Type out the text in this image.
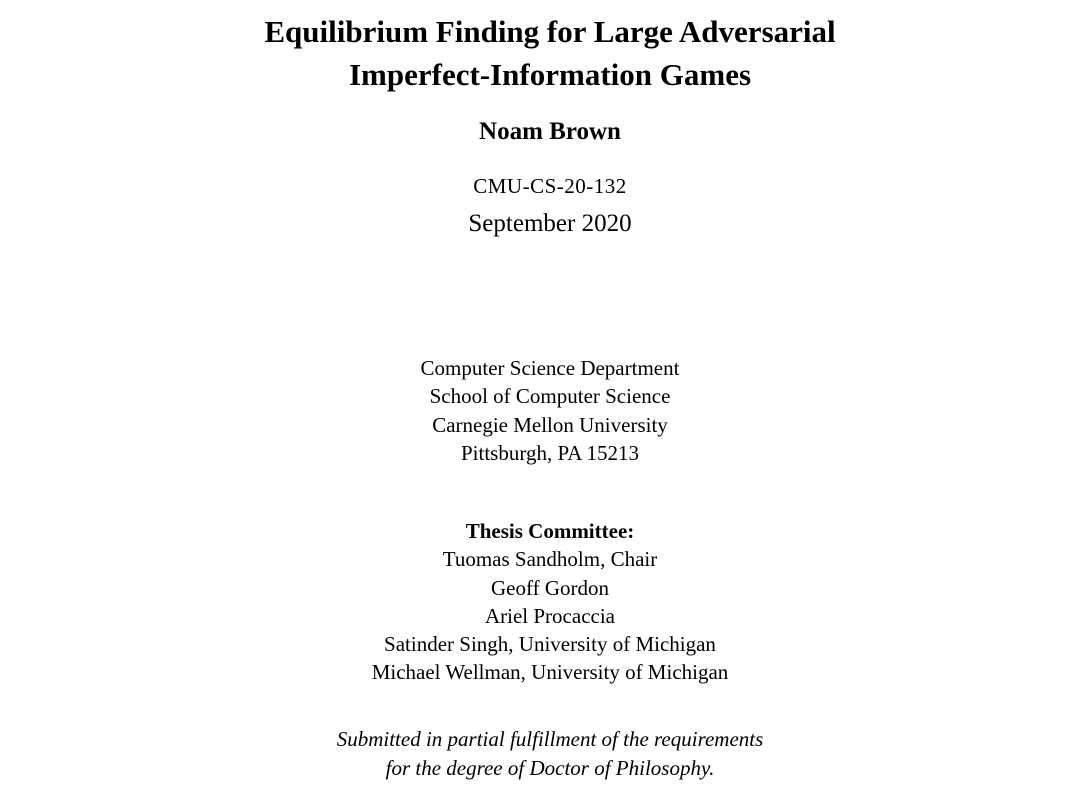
Equilibrium Finding for Large Adversarial
Imperfect-Information Games
Noam Brown
CMU-CS-20-132
September 2020
Computer Science Department
School of Computer Science
Carnegie Mellon University
Pittsburgh, PA 15213
Thesis Committee:
Tuomas Sandholm, Chair
Geoff Gordon
Ariel Procaccia
Satinder Singh, University of Michigan
Michael Wellman, University of Michigan
Submitted in partial fulfillment of the requirements
for the degree of Doctor of Philosophy.
